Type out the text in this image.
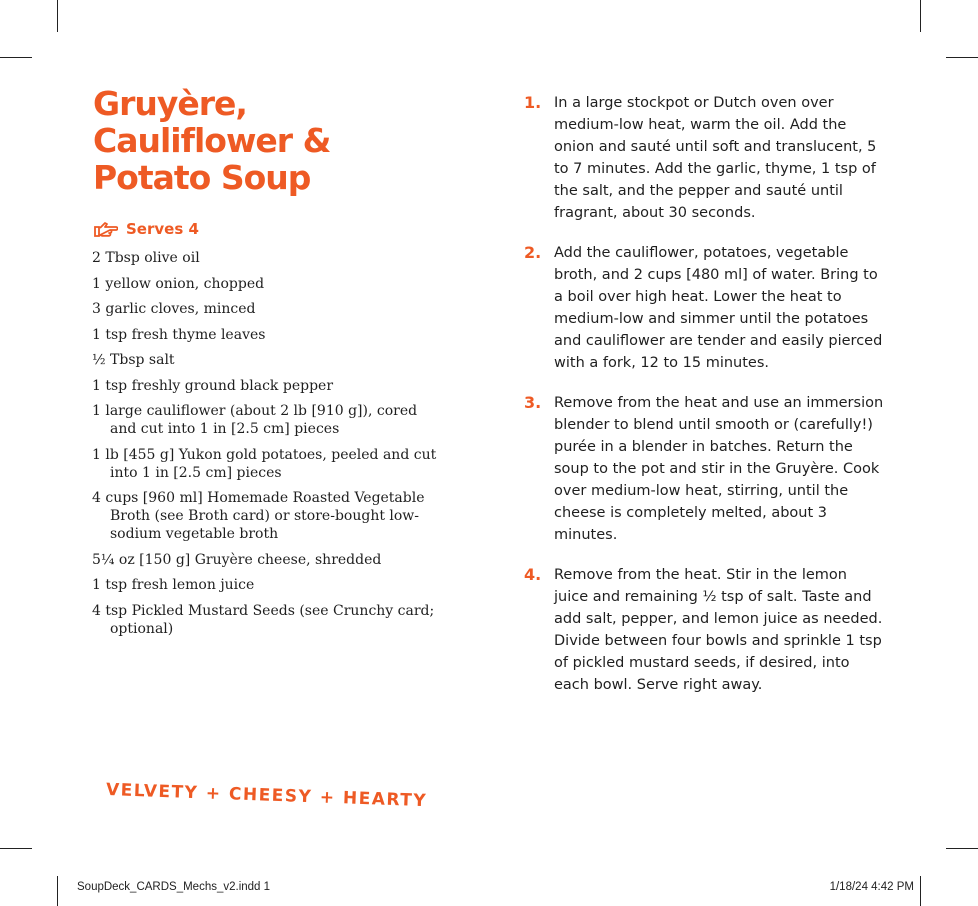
Gruyère,
Cauliflower &
Potato Soup
Serves 4
2 Tbsp olive oil
1 yellow onion, chopped
3 garlic cloves, minced
1 tsp fresh thyme leaves
½ Tbsp salt
1 tsp freshly ground black pepper
1 large cauliflower (about 2 lb [910 g]), cored and cut into 1 in [2.5 cm] pieces
1 lb [455 g] Yukon gold potatoes, peeled and cut into 1 in [2.5 cm] pieces
4 cups [960 ml] Homemade Roasted Vegetable Broth (see Broth card) or store-bought low-sodium vegetable broth
5¼ oz [150 g] Gruyère cheese, shredded
1 tsp fresh lemon juice
4 tsp Pickled Mustard Seeds (see Crunchy card; optional)
VELVETY + CHEESY + HEARTY
1. In a large stockpot or Dutch oven over medium-low heat, warm the oil. Add the onion and sauté until soft and translucent, 5 to 7 minutes. Add the garlic, thyme, 1 tsp of the salt, and the pepper and sauté until fragrant, about 30 seconds.
2. Add the cauliflower, potatoes, vegetable broth, and 2 cups [480 ml] of water. Bring to a boil over high heat. Lower the heat to medium-low and simmer until the potatoes and cauliflower are tender and easily pierced with a fork, 12 to 15 minutes.
3. Remove from the heat and use an immersion blender to blend until smooth or (carefully!) purée in a blender in batches. Return the soup to the pot and stir in the Gruyère. Cook over medium-low heat, stirring, until the cheese is completely melted, about 3 minutes.
4. Remove from the heat. Stir in the lemon juice and remaining ½ tsp of salt. Taste and add salt, pepper, and lemon juice as needed. Divide between four bowls and sprinkle 1 tsp of pickled mustard seeds, if desired, into each bowl. Serve right away.
SoupDeck_CARDS_Mechs_v2.indd 1	1/18/24 4:42 PM
